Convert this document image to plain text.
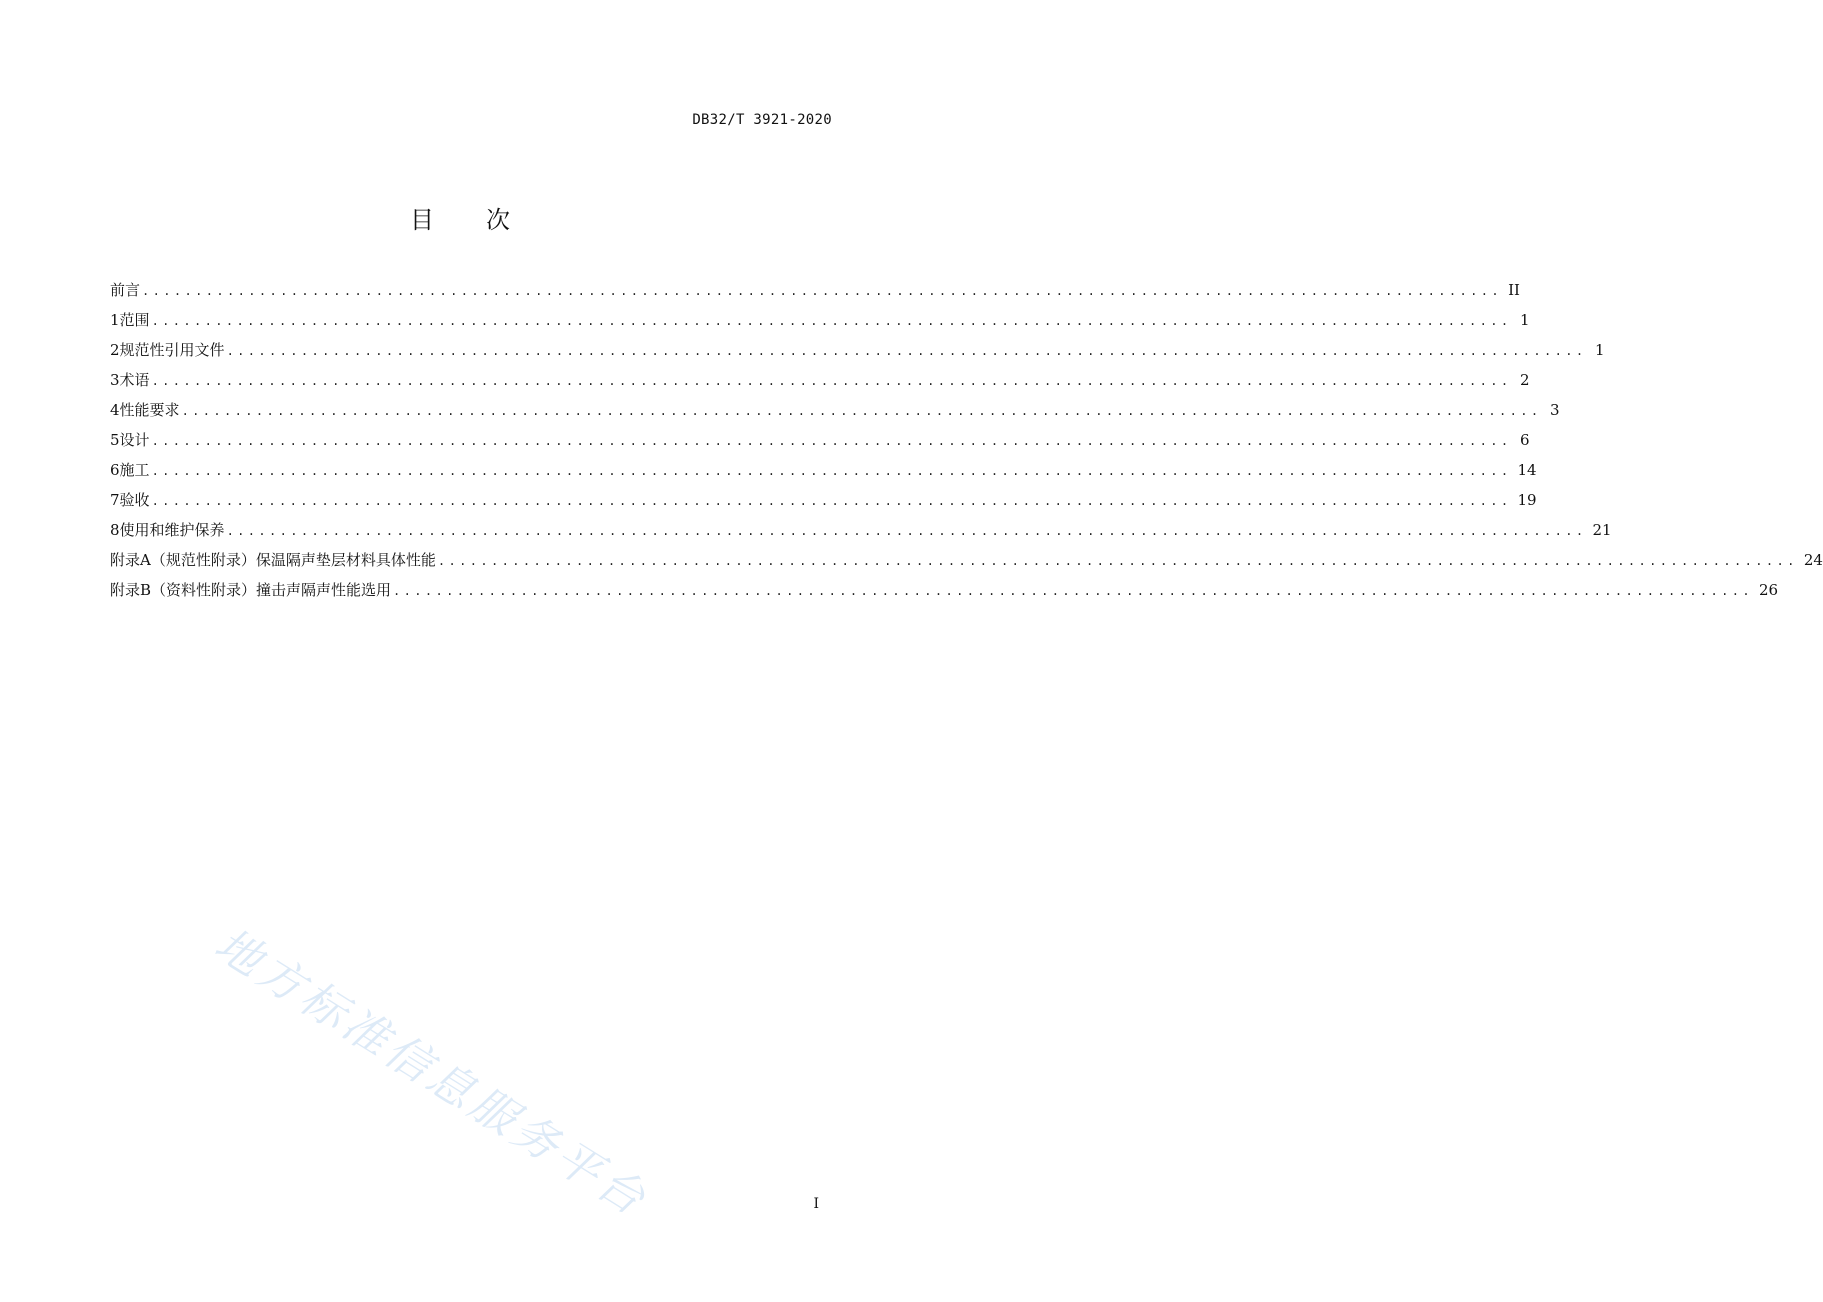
DB32/T 3921-2020
目 次
前言 ................................................................................................................................ II
1 范围 ................................................................................................................................ 1
2 规范性引用文件 ................................................................................................................................ 1
3 术语 ................................................................................................................................ 2
4 性能要求 ................................................................................................................................ 3
5 设计 ................................................................................................................................ 6
6 施工 ................................................................................................................................ 14
7 验收 ................................................................................................................................ 19
8 使用和维护保养 ................................................................................................................................ 21
附录A（规范性附录） 保温隔声垫层材料具体性能 ................................................................................................................................ 24
附录B（资料性附录） 撞击声隔声性能选用 ................................................................................................................................ 26
地方标准信息服务平台	I
